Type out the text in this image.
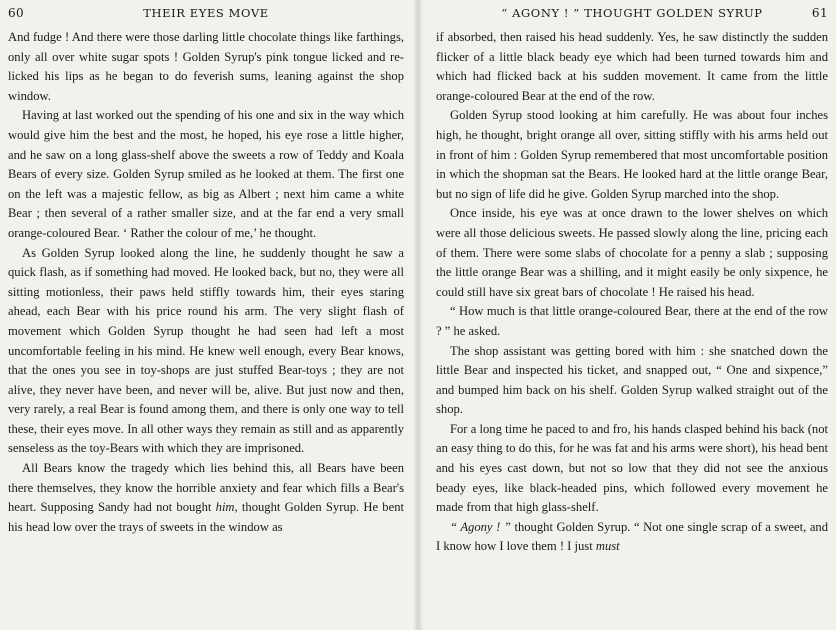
60	THEIR EYES MOVE

And fudge ! And there were those darling little chocolate things like farthings, only all over white sugar spots ! Golden Syrup's pink tongue licked and re-licked his lips as he began to do feverish sums, leaning against the shop window.

Having at last worked out the spending of his one and six in the way which would give him the best and the most, he hoped, his eye rose a little higher, and he saw on a long glass-shelf above the sweets a row of Teddy and Koala Bears of every size. Golden Syrup smiled as he looked at them. The first one on the left was a majestic fellow, as big as Albert ; next him came a white Bear ; then several of a rather smaller size, and at the far end a very small orange-coloured Bear. ‘ Rather the colour of me,’ he thought.

As Golden Syrup looked along the line, he suddenly thought he saw a quick flash, as if something had moved. He looked back, but no, they were all sitting motionless, their paws held stiffly towards him, their eyes staring ahead, each Bear with his price round his arm. The very slight flash of movement which Golden Syrup thought he had seen had left a most uncomfortable feeling in his mind. He knew well enough, every Bear knows, that the ones you see in toy-shops are just stuffed Bear-toys ; they are not alive, they never have been, and never will be, alive. But just now and then, very rarely, a real Bear is found among them, and there is only one way to tell these, their eyes move. In all other ways they remain as still and as apparently senseless as the toy-Bears with which they are imprisoned.

All Bears know the tragedy which lies behind this, all Bears have been there themselves, they know the horrible anxiety and fear which fills a Bear's heart. Supposing Sandy had not bought him, thought Golden Syrup. He bent his head low over the trays of sweets in the window as

“ AGONY ! ” THOUGHT GOLDEN SYRUP	61

if absorbed, then raised his head suddenly. Yes, he saw distinctly the sudden flicker of a little black beady eye which had been turned towards him and which had flicked back at his sudden movement. It came from the little orange-coloured Bear at the end of the row.

Golden Syrup stood looking at him carefully. He was about four inches high, he thought, bright orange all over, sitting stiffly with his arms held out in front of him : Golden Syrup remembered that most uncomfortable position in which the shopman sat the Bears. He looked hard at the little orange Bear, but no sign of life did he give. Golden Syrup marched into the shop.

Once inside, his eye was at once drawn to the lower shelves on which were all those delicious sweets. He passed slowly along the line, pricing each of them. There were some slabs of chocolate for a penny a slab ; supposing the little orange Bear was a shilling, and it might easily be only sixpence, he could still have six great bars of chocolate ! He raised his head.

“ How much is that little orange-coloured Bear, there at the end of the row ? ” he asked.

The shop assistant was getting bored with him : she snatched down the little Bear and inspected his ticket, and snapped out, “ One and sixpence,” and bumped him back on his shelf. Golden Syrup walked straight out of the shop.

For a long time he paced to and fro, his hands clasped behind his back (not an easy thing to do this, for he was fat and his arms were short), his head bent and his eyes cast down, but not so low that they did not see the anxious beady eyes, like black-headed pins, which followed every movement he made from that high glass-shelf.

“ Agony ! ” thought Golden Syrup. “ Not one single scrap of a sweet, and I know how I love them ! I just must
